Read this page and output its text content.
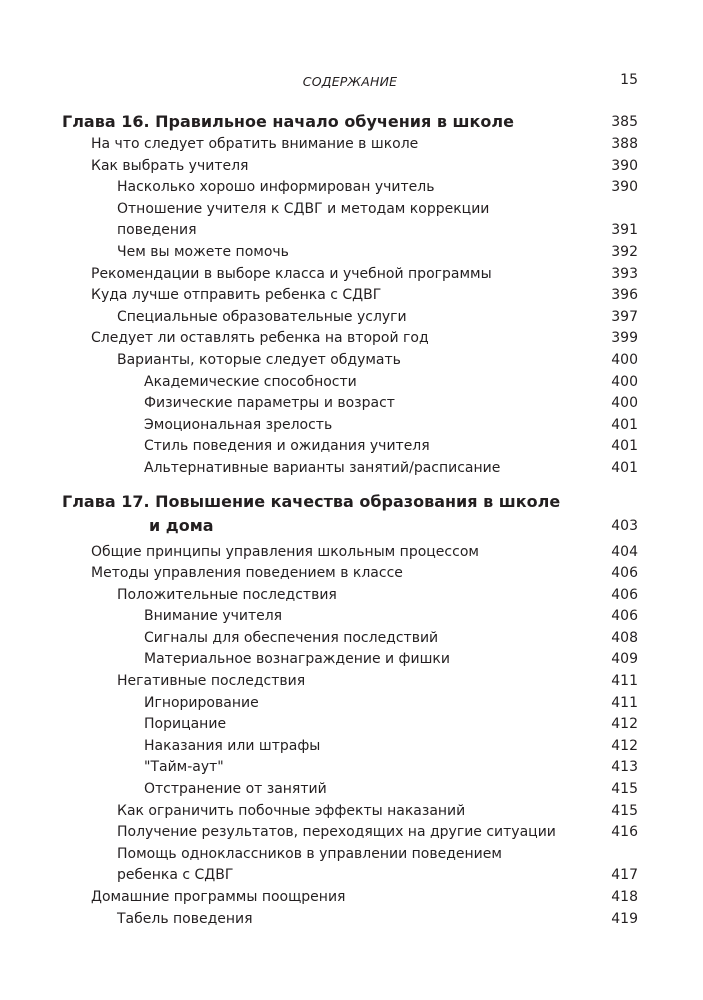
СОДЕРЖАНИЕ	15
Глава 16. Правильное начало обучения в школе	385
На что следует обратить внимание в школе	388
Как выбрать учителя	390
Насколько хорошо информирован учитель	390
Отношение учителя к СДВГ и методам коррекции
поведения	391
Чем вы можете помочь	392
Рекомендации в выборе класса и учебной программы	393
Куда лучше отправить ребенка с СДВГ	396
Специальные образовательные услуги	397
Следует ли оставлять ребенка на второй год	399
Варианты, которые следует обдумать	400
Академические способности	400
Физические параметры и возраст	400
Эмоциональная зрелость	401
Стиль поведения и ожидания учителя	401
Альтернативные варианты занятий/расписание	401
Глава 17. Повышение качества образования в школе
и дома	403
Общие принципы управления школьным процессом	404
Методы управления поведением в классе	406
Положительные последствия	406
Внимание учителя	406
Сигналы для обеспечения последствий	408
Материальное вознаграждение и фишки	409
Негативные последствия	411
Игнорирование	411
Порицание	412
Наказания или штрафы	412
"Тайм-аут"	413
Отстранение от занятий	415
Как ограничить побочные эффекты наказаний	415
Получение результатов, переходящих на другие ситуации	416
Помощь одноклассников в управлении поведением
ребенка с СДВГ	417
Домашние программы поощрения	418
Табель поведения	419
